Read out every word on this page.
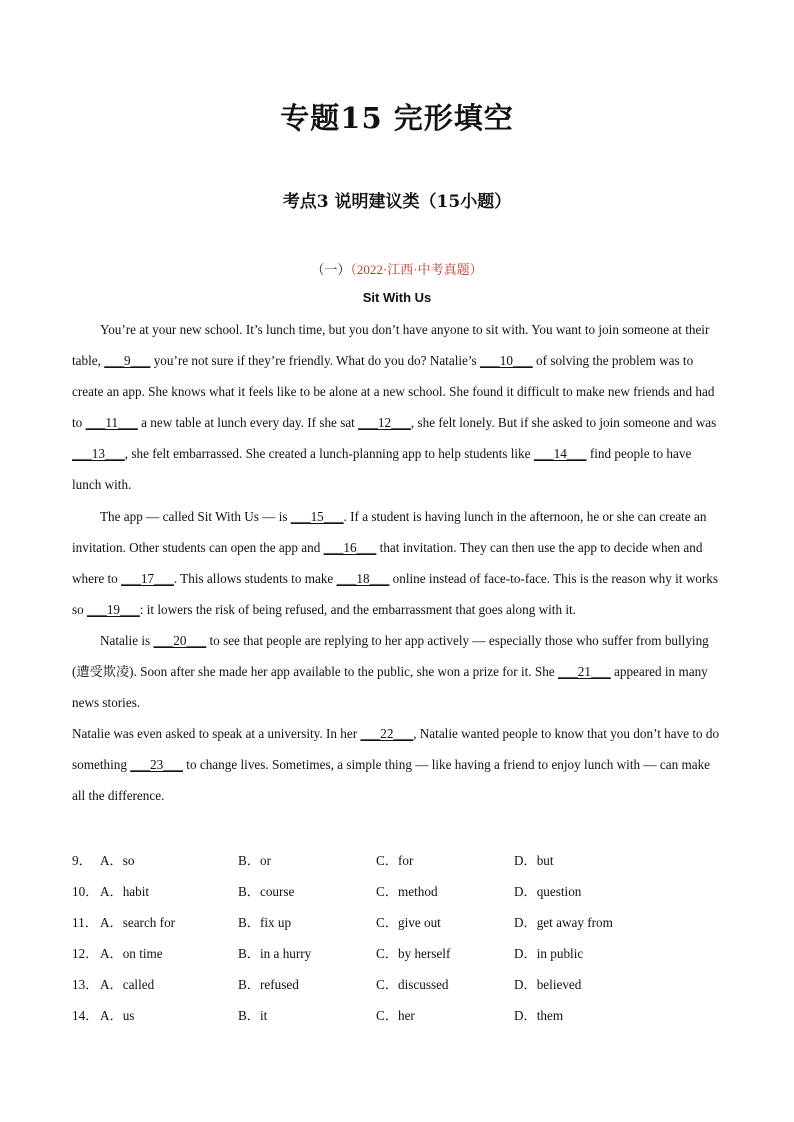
专题15 完形填空
考点3 说明建议类（15小题）
（一）（2022·江西·中考真题）
Sit With Us

You’re at your new school. It’s lunch time, but you don’t have anyone to sit with. You want to join someone at their table, ___9___ you’re not sure if they’re friendly. What do you do? Natalie’s ___10___ of solving the problem was to create an app. She knows what it feels like to be alone at a new school. She found it difficult to make new friends and had to ___11___ a new table at lunch every day. If she sat ___12___, she felt lonely. But if she asked to join someone and was ___13___, she felt embarrassed. She created a lunch-planning app to help students like ___14___ find people to have lunch with.

The app — called Sit With Us — is ___15___. If a student is having lunch in the afternoon, he or she can create an invitation. Other students can open the app and ___16___ that invitation. They can then use the app to decide when and where to ___17___. This allows students to make ___18___ online instead of face-to-face. This is the reason why it works so ___19___: it lowers the risk of being refused, and the embarrassment that goes along with it.

Natalie is ___20___ to see that people are replying to her app actively — especially those who suffer from bullying (遭受欺凌). Soon after she made her app available to the public, she won a prize for it. She ___21___ appeared in many news stories.

Natalie was even asked to speak at a university. In her ___22___, Natalie wanted people to know that you don’t have to do something ___23___ to change lives. Sometimes, a simple thing — like having a friend to enjoy lunch with — can make all the difference.

9． A．so	B．or	C．for	D．but
10． A．habit	B．course	C．method	D．question
11． A．search for	B．fix up	C．give out	D．get away from
12． A．on time	B．in a hurry	C．by herself	D．in public
13． A．called	B．refused	C．discussed	D．believed
14． A．us	B．it	C．her	D．them
